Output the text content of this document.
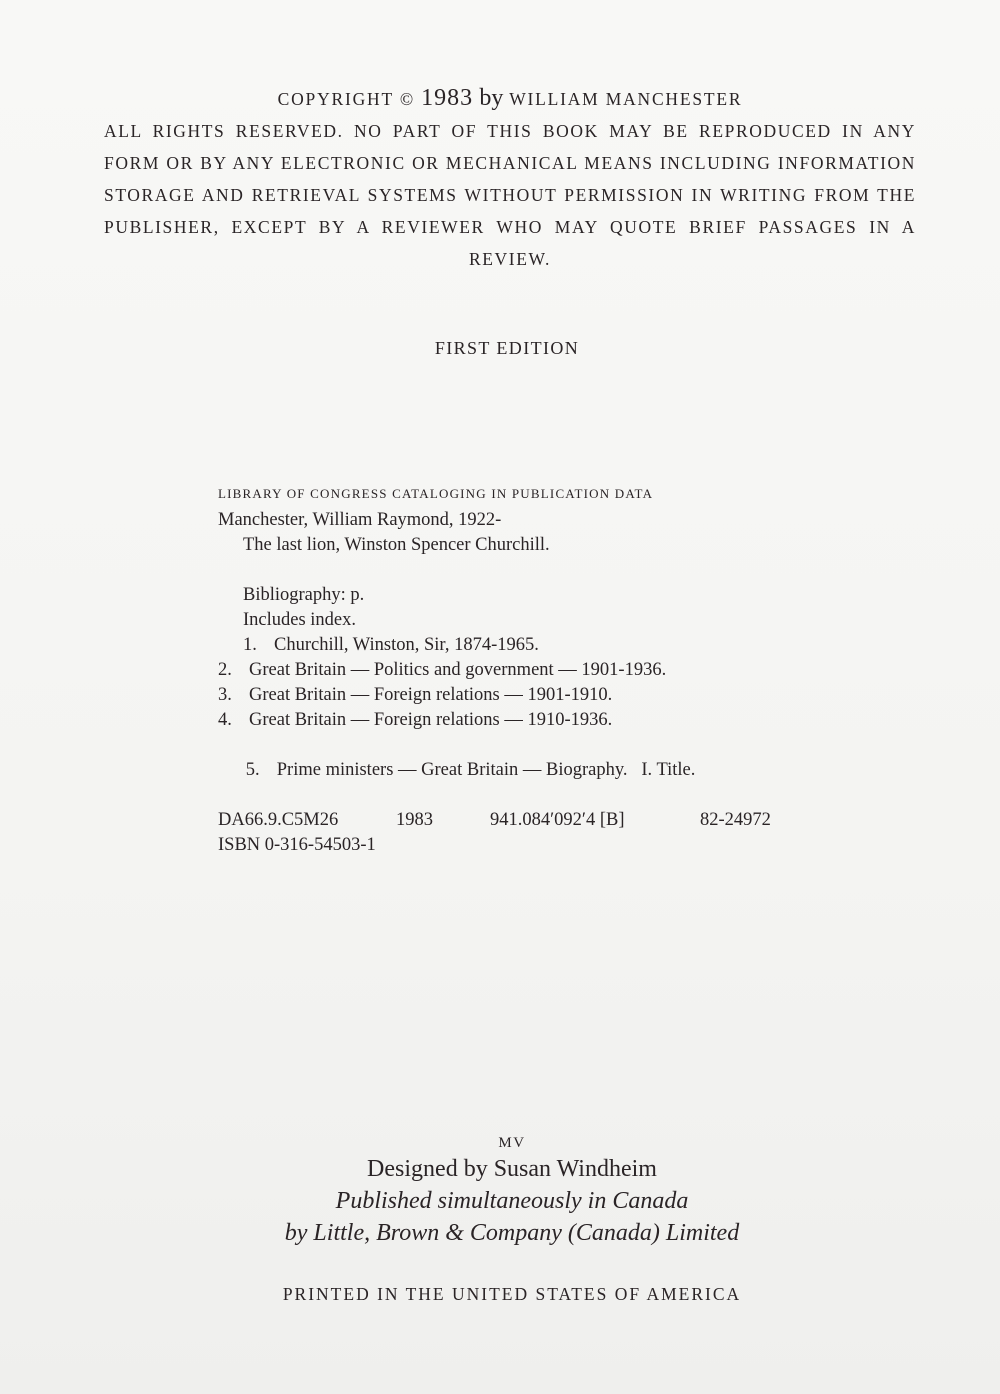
COPYRIGHT © 1983 by WILLIAM MANCHESTER

ALL RIGHTS RESERVED. NO PART OF THIS BOOK MAY BE REPRODUCED IN ANY FORM OR BY ANY ELECTRONIC OR MECHANICAL MEANS INCLUDING INFORMATION STORAGE AND RETRIEVAL SYSTEMS WITHOUT PERMISSION IN WRITING FROM THE PUBLISHER, EXCEPT BY A REVIEWER WHO MAY QUOTE BRIEF PASSAGES IN A REVIEW.

FIRST EDITION
LIBRARY OF CONGRESS CATALOGING IN PUBLICATION DATA
Manchester, William Raymond, 1922-
The last lion, Winston Spencer Churchill.
Bibliography: p.
Includes index.
1. Churchill, Winston, Sir, 1874-1965.
2. Great Britain — Politics and government — 1901-1936.
3. Great Britain — Foreign relations — 1901-1910.
4. Great Britain — Foreign relations — 1910-1936.

5. Prime ministers — Great Britain — Biography.   I. Title.

DA66.9.C5M26	1983	941.084′092′4 [B]	82-24972
ISBN 0-316-54503-1
MV
Designed by Susan Windheim
Published simultaneously in Canada
by Little, Brown & Company (Canada) Limited
PRINTED IN THE UNITED STATES OF AMERICA
